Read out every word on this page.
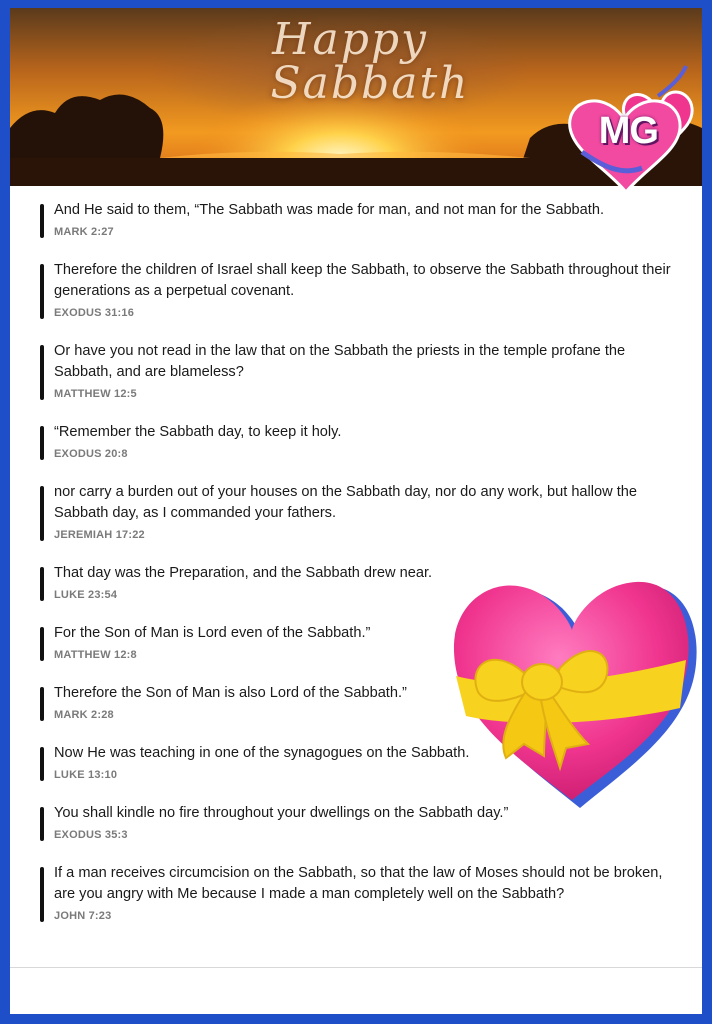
Happy
Sabbath
MG
And He said to them, “The Sabbath was made for man, and not man for the Sabbath.
MARK 2:27
Therefore the children of Israel shall keep the Sabbath, to observe the Sabbath throughout their generations as a perpetual covenant.
EXODUS 31:16
Or have you not read in the law that on the Sabbath the priests in the temple profane the Sabbath, and are blameless?
MATTHEW 12:5
“Remember the Sabbath day, to keep it holy.
EXODUS 20:8
nor carry a burden out of your houses on the Sabbath day, nor do any work, but hallow the Sabbath day, as I commanded your fathers.
JEREMIAH 17:22
That day was the Preparation, and the Sabbath drew near.
LUKE 23:54
For the Son of Man is Lord even of the Sabbath.”
MATTHEW 12:8
Therefore the Son of Man is also Lord of the Sabbath.”
MARK 2:28
Now He was teaching in one of the synagogues on the Sabbath.
LUKE 13:10
You shall kindle no fire throughout your dwellings on the Sabbath day.”
EXODUS 35:3
If a man receives circumcision on the Sabbath, so that the law of Moses should not be broken, are you angry with Me because I made a man completely well on the Sabbath?
JOHN 7:23
